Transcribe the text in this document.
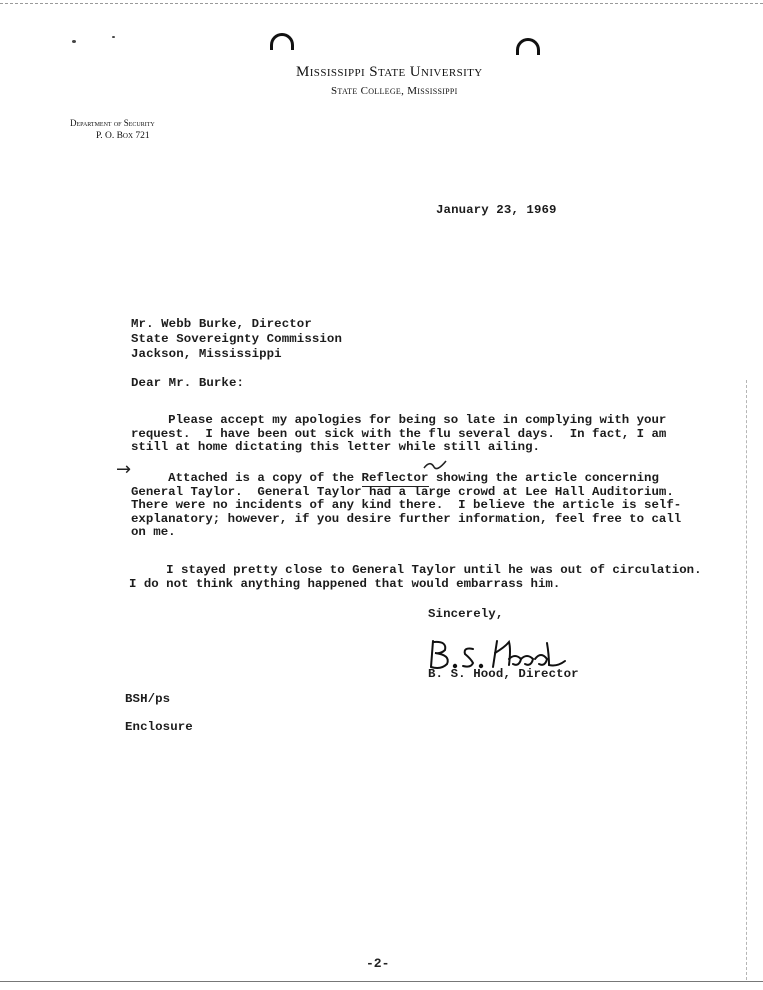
Mississippi State University
State College, Mississippi
Department of Security
P. O. Box 721
January 23, 1969
Mr. Webb Burke, Director
State Sovereignty Commission
Jackson, Mississippi
Dear Mr. Burke:
Please accept my apologies for being so late in complying with your
request.  I have been out sick with the flu several days.  In fact, I am
still at home dictating this letter while still ailing.
→ Attached is a copy of the Reflector showing the article concerning
General Taylor.  General Taylor had a large crowd at Lee Hall Auditorium.
There were no incidents of any kind there.  I believe the article is self-
explanatory; however, if you desire further information, feel free to call
on me.
I stayed pretty close to General Taylor until he was out of circulation.
I do not think anything happened that would embarrass him.
Sincerely,
B. S. Hood, Director
BSH/ps
Enclosure
-2-
